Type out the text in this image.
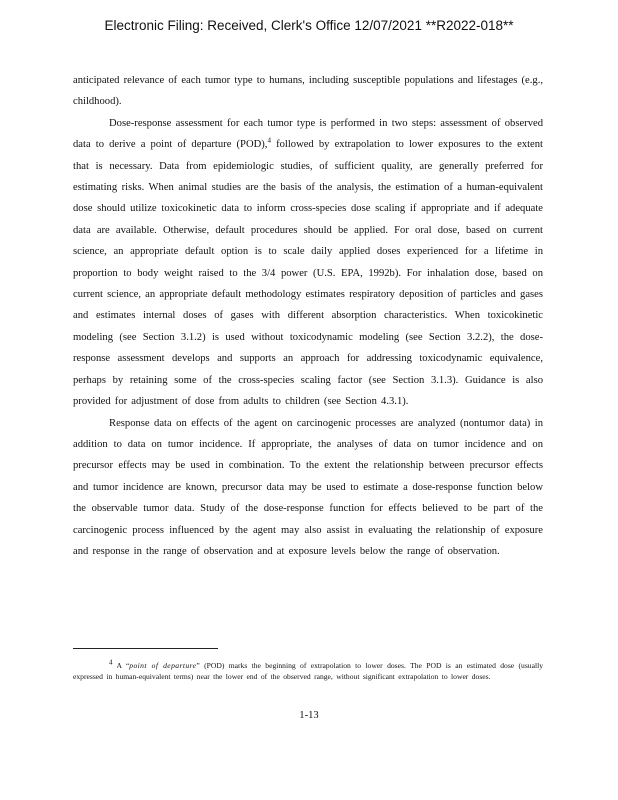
Electronic Filing: Received, Clerk's Office 12/07/2021 **R2022-018**

anticipated relevance of each tumor type to humans, including susceptible populations and lifestages (e.g., childhood).

Dose-response assessment for each tumor type is performed in two steps: assessment of observed data to derive a point of departure (POD),$^4$ followed by extrapolation to lower exposures to the extent that is necessary. Data from epidemiologic studies, of sufficient quality, are generally preferred for estimating risks. When animal studies are the basis of the analysis, the estimation of a human-equivalent dose should utilize toxicokinetic data to inform cross-species dose scaling if appropriate and if adequate data are available. Otherwise, default procedures should be applied. For oral dose, based on current science, an appropriate default option is to scale daily applied doses experienced for a lifetime in proportion to body weight raised to the 3/4 power (U.S. EPA, 1992b). For inhalation dose, based on current science, an appropriate default methodology estimates respiratory deposition of particles and gases and estimates internal doses of gases with different absorption characteristics. When toxicokinetic modeling (see Section 3.1.2) is used without toxicodynamic modeling (see Section 3.2.2), the dose-response assessment develops and supports an approach for addressing toxicodynamic equivalence, perhaps by retaining some of the cross-species scaling factor (see Section 3.1.3). Guidance is also provided for adjustment of dose from adults to children (see Section 4.3.1).

Response data on effects of the agent on carcinogenic processes are analyzed (nontumor data) in addition to data on tumor incidence. If appropriate, the analyses of data on tumor incidence and on precursor effects may be used in combination. To the extent the relationship between precursor effects and tumor incidence are known, precursor data may be used to estimate a dose-response function below the observable tumor data. Study of the dose-response function for effects believed to be part of the carcinogenic process influenced by the agent may also assist in evaluating the relationship of exposure and response in the range of observation and at exposure levels below the range of observation.

$^4$ A “point of departure” (POD) marks the beginning of extrapolation to lower doses. The POD is an estimated dose (usually expressed in human-equivalent terms) near the lower end of the observed range, without significant extrapolation to lower doses.
1-13
